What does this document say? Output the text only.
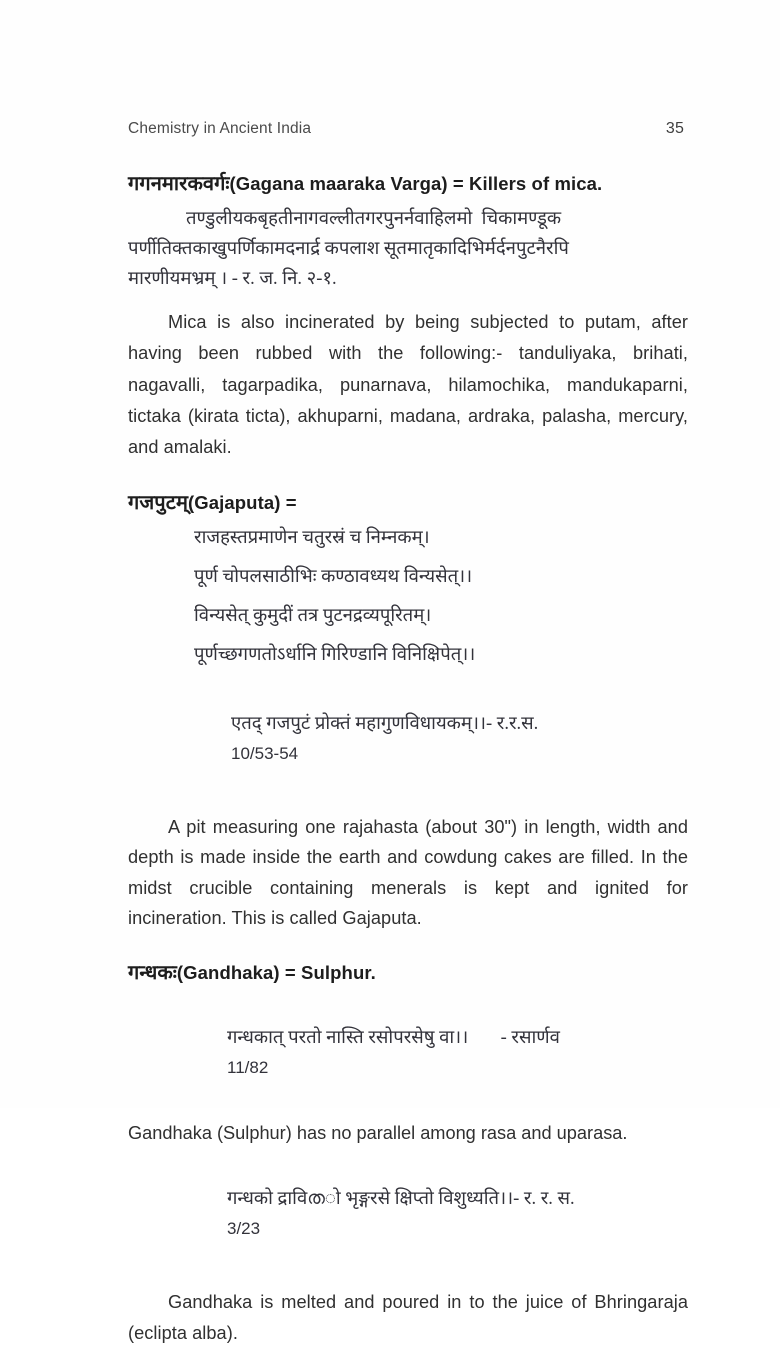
Chemistry in Ancient India	35
गगनमारकवर्गः(Gagana maaraka Varga) = Killers of mica.
तण्डुलीयकबृहतीनागवल्लीतगरपुनर्नवाहिलमो  चिकामण्डूक
पर्णीतिक्तकाखुपर्णिकामदनार्द्र कपलाश सूतमातृकादिभिर्मर्दनपुटनैरपि
मारणीयमभ्रम् । - र. ज. नि. २-१.

Mica is also incinerated by being subjected to putam, after having been rubbed with the following:- tanduliyaka, brihati, nagavalli, tagarpadika, punarnava, hilamochika, mandukaparni, tictaka (kirata ticta), akhuparni, madana, ardraka, palasha, mercury, and amalaki.

गजपुटम्(Gajaputa) =
राजहस्तप्रमाणेन चतुरस्रं च निम्नकम्।
पूर्ण चोपलसाठीभिः कण्ठावध्यथ विन्यसेत्।।
विन्यसेत् कुमुदीं तत्र पुटनद्रव्यपूरितम्।
पूर्णच्छगणतोऽर्धानि गिरिण्डानि विनिक्षिपेत्।।

एतद् गजपुटं प्रोक्तं महागुणविधायकम्।।- र.र.स.
10/53-54

A pit measuring one rajahasta (about 30") in length, width and depth is made inside the earth and cowdung cakes are filled. In the midst crucible containing menerals is kept and ignited for incineration. This is called Gajaputa.

गन्धकः(Gandhaka) = Sulphur.

गन्धकात् परतो नास्ति रसोपरसेषु वा।। - रसार्णव
11/82

Gandhaka (Sulphur) has no parallel among rasa and uparasa.

गन्धको द्राविതो भृङ्गरसे क्षिप्तो विशुध्यति।।- र. र. स.
3/23

Gandhaka is melted and poured in to the juice of Bhringaraja (eclipta alba).
